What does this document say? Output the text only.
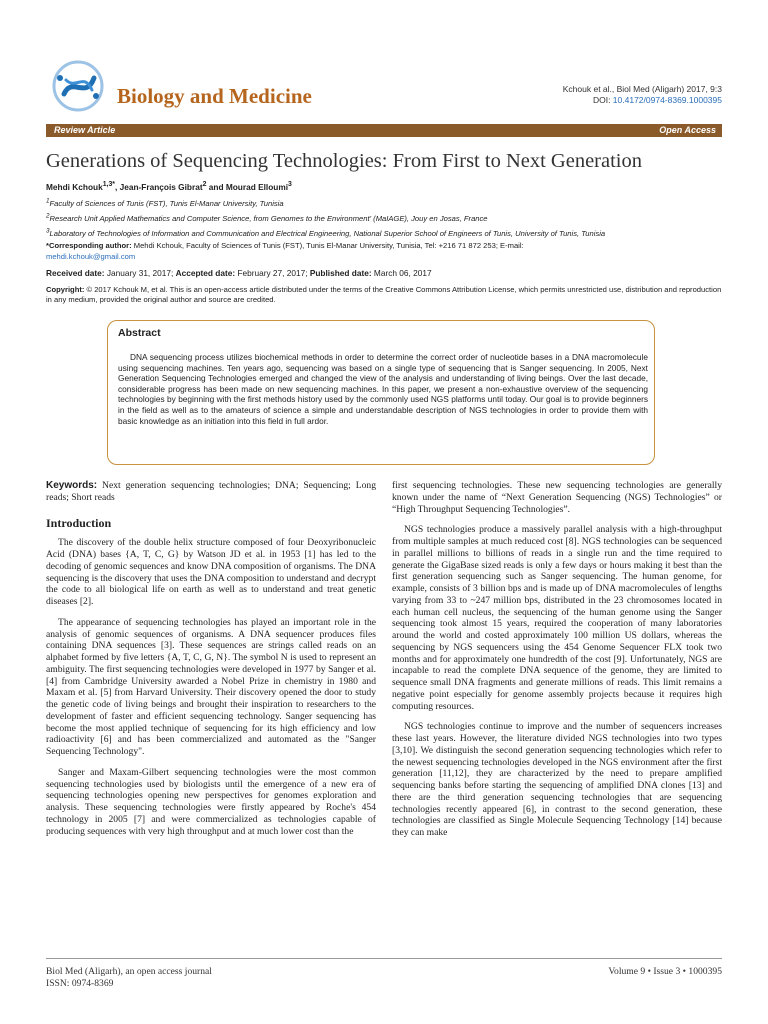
Biology and Medicine	Kchouk et al., Biol Med (Aligarh) 2017, 9:3
DOI: 10.4172/0974-8369.1000395
Review Article	Open Access
Generations of Sequencing Technologies: From First to Next Generation
Mehdi Kchouk$^{1,3*}$, Jean-François Gibrat$^2$ and Mourad Elloumi$^3$
$^1$Faculty of Sciences of Tunis (FST), Tunis El-Manar University, Tunisia
$^2$Research Unit Applied Mathematics and Computer Science, from Genomes to the Environment' (MaIAGE), Jouy en Josas, France
$^3$Laboratory of Technologies of Information and Communication and Electrical Engineering, National Superior School of Engineers of Tunis, University of Tunis, Tunisia
*Corresponding author: Mehdi Kchouk, Faculty of Sciences of Tunis (FST), Tunis El-Manar University, Tunisia, Tel: +216 71 872 253; E-mail:
mehdi.kchouk@gmail.com
Received date: January 31, 2017; Accepted date: February 27, 2017; Published date: March 06, 2017
Copyright: © 2017 Kchouk M, et al. This is an open-access article distributed under the terms of the Creative Commons Attribution License, which permits unrestricted use, distribution and reproduction in any medium, provided the original author and source are credited.
Abstract
DNA sequencing process utilizes biochemical methods in order to determine the correct order of nucleotide bases in a DNA macromolecule using sequencing machines. Ten years ago, sequencing was based on a single type of sequencing that is Sanger sequencing. In 2005, Next Generation Sequencing Technologies emerged and changed the view of the analysis and understanding of living beings. Over the last decade, considerable progress has been made on new sequencing machines. In this paper, we present a non-exhaustive overview of the sequencing technologies by beginning with the first methods history used by the commonly used NGS platforms until today. Our goal is to provide beginners in the field as well as to the amateurs of science a simple and understandable description of NGS technologies in order to provide them with basic knowledge as an initiation into this field in full ardor.

Keywords: Next generation sequencing technologies; DNA; Sequencing; Long reads; Short reads

Introduction

The discovery of the double helix structure composed of four Deoxyribonucleic Acid (DNA) bases {A, T, C, G} by Watson JD et al. in 1953 [1] has led to the decoding of genomic sequences and know DNA composition of organisms. The DNA sequencing is the discovery that uses the DNA composition to understand and decrypt the code to all biological life on earth as well as to understand and treat genetic diseases [2].

The appearance of sequencing technologies has played an important role in the analysis of genomic sequences of organisms. A DNA sequencer produces files containing DNA sequences [3]. These sequences are strings called reads on an alphabet formed by five letters {A, T, C, G, N}. The symbol N is used to represent an ambiguity. The first sequencing technologies were developed in 1977 by Sanger et al. [4] from Cambridge University awarded a Nobel Prize in chemistry in 1980 and Maxam et al. [5] from Harvard University. Their discovery opened the door to study the genetic code of living beings and brought their inspiration to researchers to the development of faster and efficient sequencing technology. Sanger sequencing has become the most applied technique of sequencing for its high efficiency and low radioactivity [6] and has been commercialized and automated as the "Sanger Sequencing Technology".

Sanger and Maxam-Gilbert sequencing technologies were the most common sequencing technologies used by biologists until the emergence of a new era of sequencing technologies opening new perspectives for genomes exploration and analysis. These sequencing technologies were firstly appeared by Roche's 454 technology in 2005 [7] and were commercialized as technologies capable of producing sequences with very high throughput and at much lower cost than the

first sequencing technologies. These new sequencing technologies are generally known under the name of “Next Generation Sequencing (NGS) Technologies” or “High Throughput Sequencing Technologies”.

NGS technologies produce a massively parallel analysis with a high-throughput from multiple samples at much reduced cost [8]. NGS technologies can be sequenced in parallel millions to billions of reads in a single run and the time required to generate the GigaBase sized reads is only a few days or hours making it best than the first generation sequencing such as Sanger sequencing. The human genome, for example, consists of 3 billion bps and is made up of DNA macromolecules of lengths varying from 33 to ~247 million bps, distributed in the 23 chromosomes located in each human cell nucleus, the sequencing of the human genome using the Sanger sequencing took almost 15 years, required the cooperation of many laboratories around the world and costed approximately 100 million US dollars, whereas the sequencing by NGS sequencers using the 454 Genome Sequencer FLX took two months and for approximately one hundredth of the cost [9]. Unfortunately, NGS are incapable to read the complete DNA sequence of the genome, they are limited to sequence small DNA fragments and generate millions of reads. This limit remains a negative point especially for genome assembly projects because it requires high computing resources.

NGS technologies continue to improve and the number of sequencers increases these last years. However, the literature divided NGS technologies into two types [3,10]. We distinguish the second generation sequencing technologies which refer to the newest sequencing technologies developed in the NGS environment after the first generation [11,12], they are characterized by the need to prepare amplified sequencing banks before starting the sequencing of amplified DNA clones [13] and there are the third generation sequencing technologies that are sequencing technologies recently appeared [6], in contrast to the second generation, these technologies are classified as Single Molecule Sequencing Technology [14] because they can make

Biol Med (Aligarh), an open access journal
ISSN: 0974-8369
Volume 9 • Issue 3 • 1000395
